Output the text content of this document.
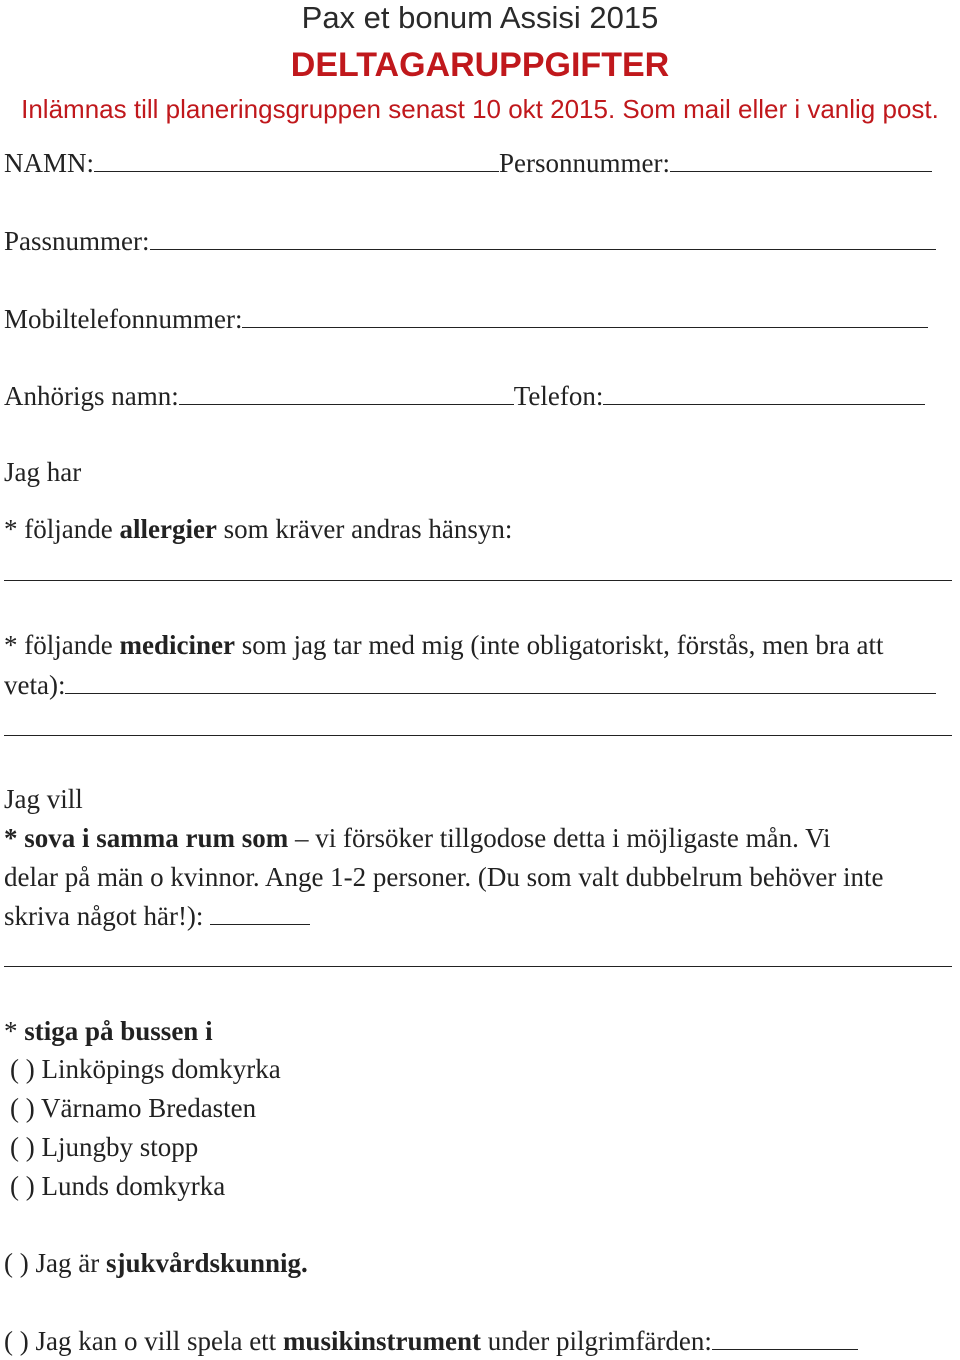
Pax et bonum Assisi 2015
DELTAGARUPPGIFTER
Inlämnas till planeringsgruppen senast 10 okt 2015. Som mail eller i vanlig post.
NAMN:	Personnummer:
Passnummer:
Mobiltelefonnummer:
Anhörigs namn:	Telefon:
Jag har
* följande allergier som kräver andras hänsyn:
* följande mediciner som jag tar med mig (inte obligatoriskt, förstås, men bra att
veta):
Jag vill
* sova i samma rum som – vi försöker tillgodose detta i möjligaste mån. Vi
delar på män o kvinnor. Ange 1-2 personer. (Du som valt dubbelrum behöver inte
skriva något här!):
* stiga på bussen i
( ) Linköpings domkyrka
( ) Värnamo Bredasten
( ) Ljungby stopp
( ) Lunds domkyrka
( ) Jag är sjukvårdskunnig.
( ) Jag kan o vill spela ett musikinstrument under pilgrimfärden:
